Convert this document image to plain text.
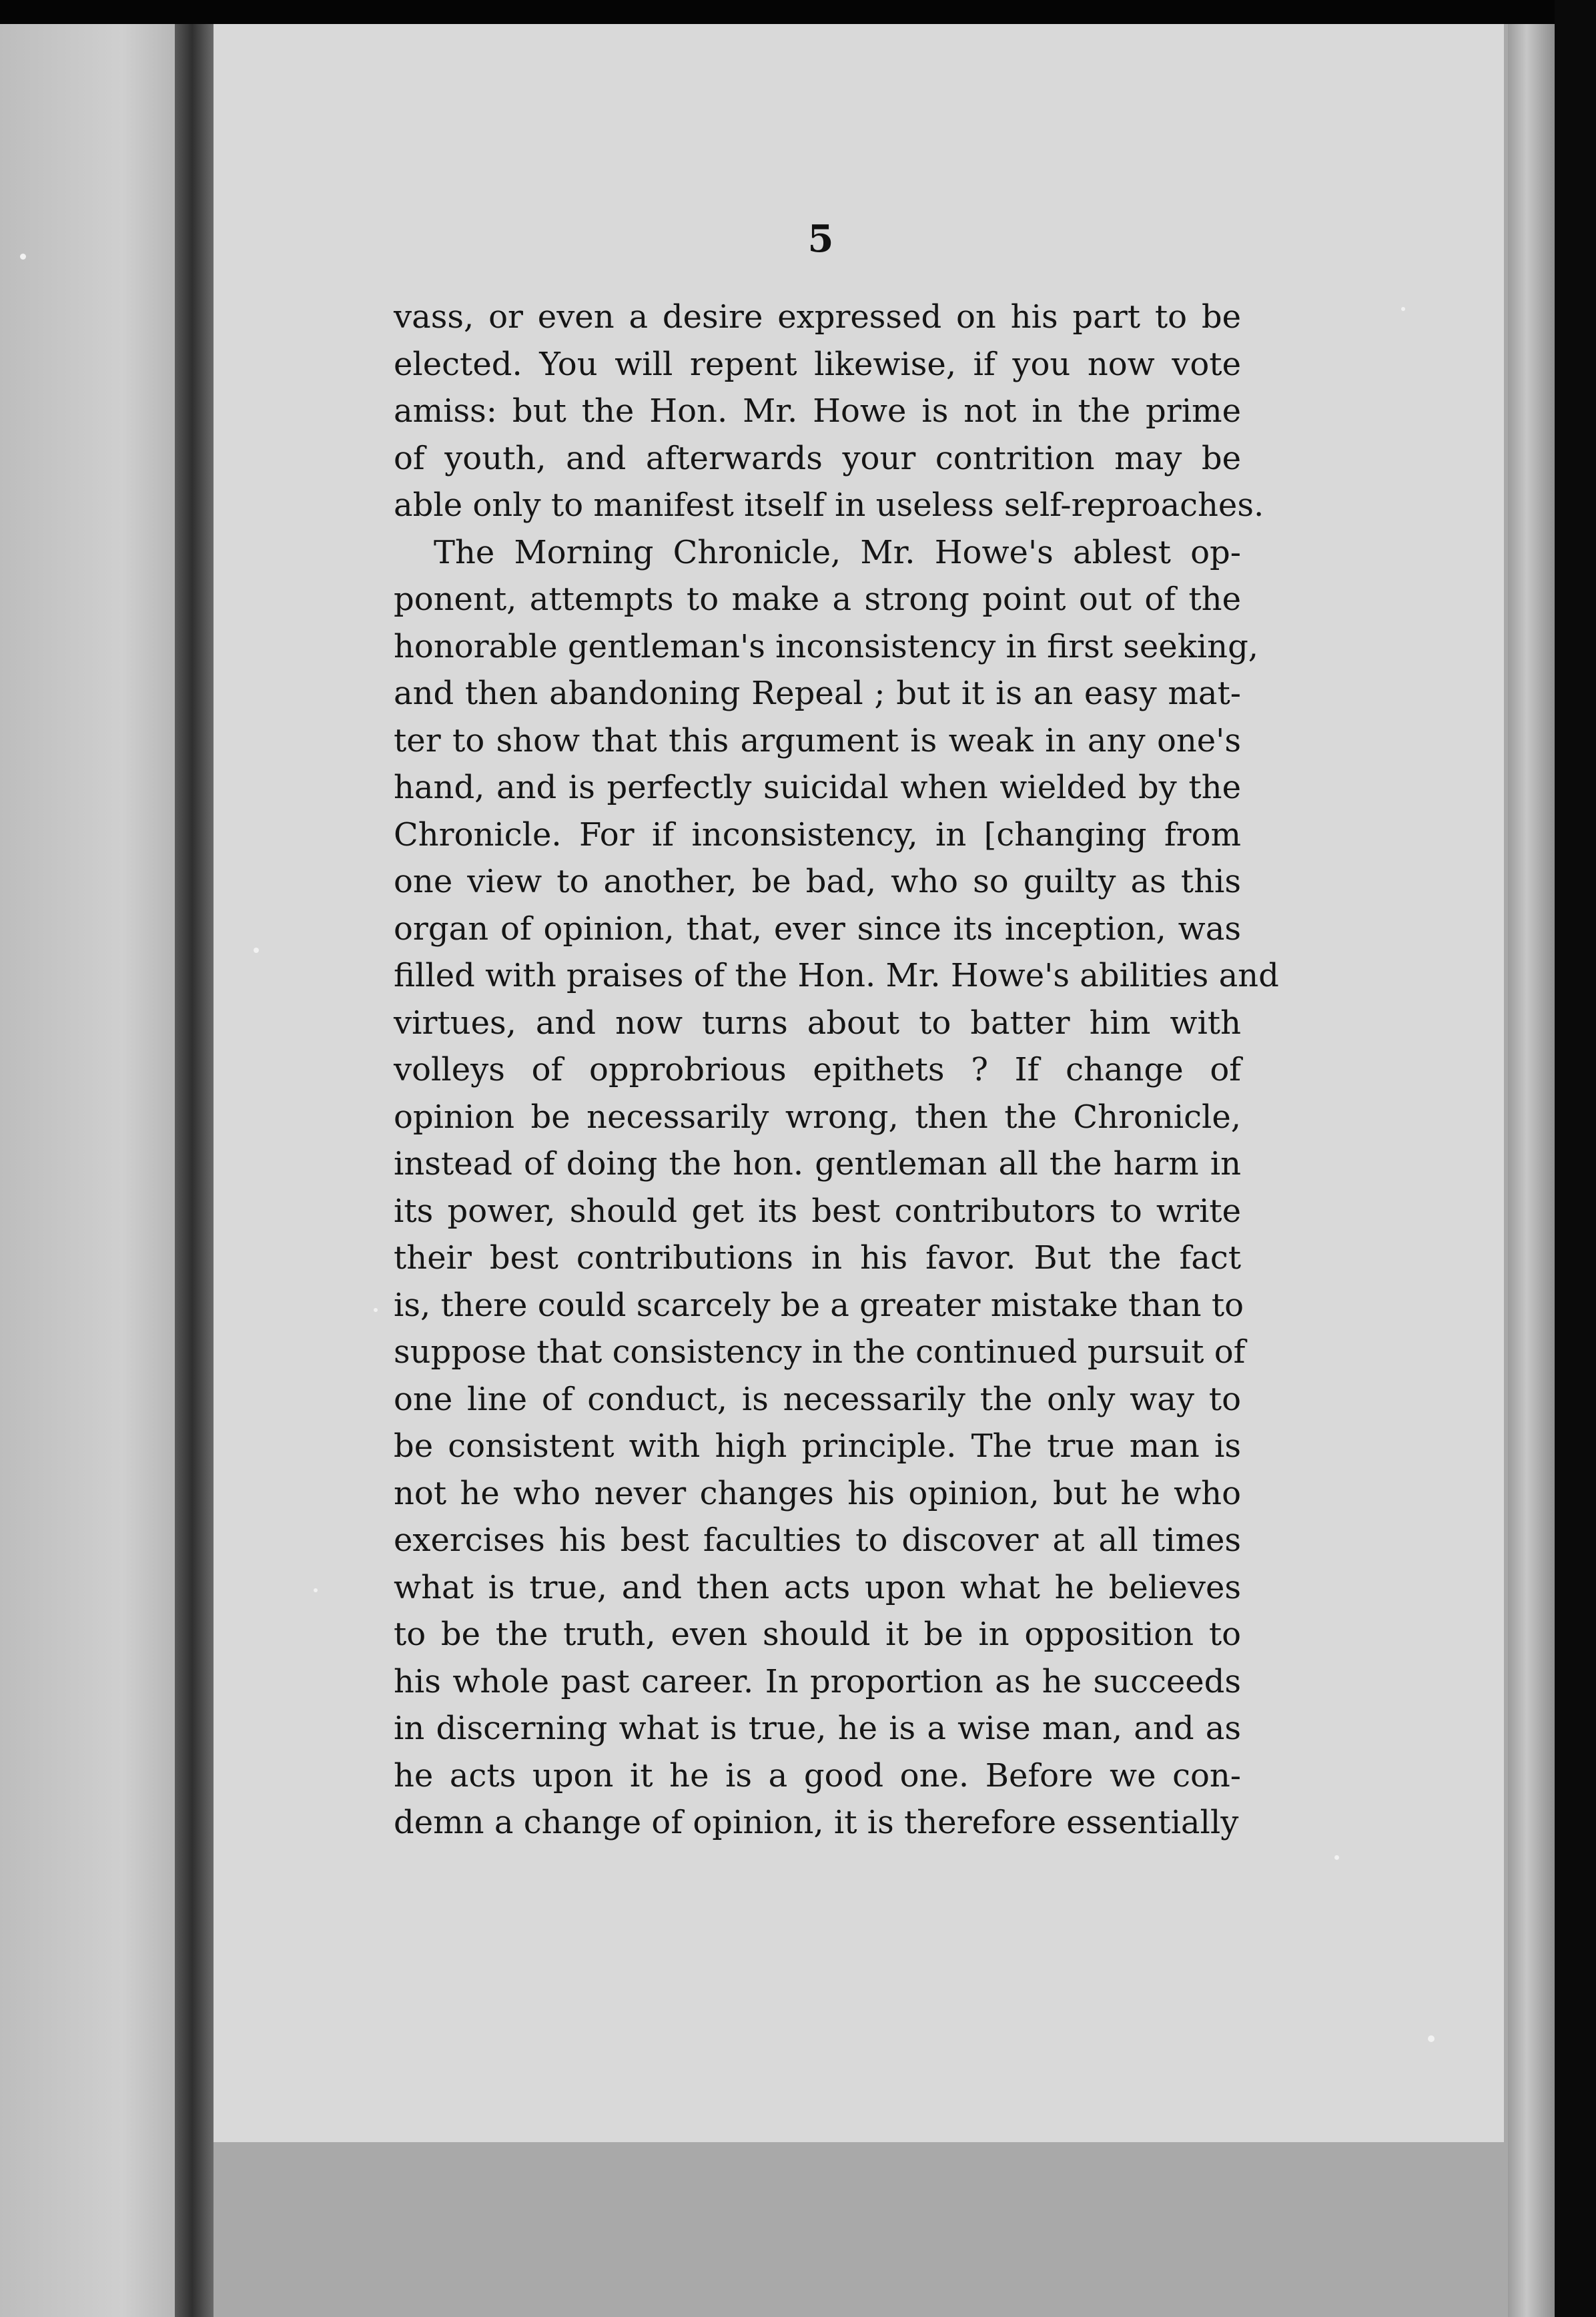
5
vass, or even a desire expressed on his part to be
elected. You will repent likewise, if you now vote
amiss: but the Hon. Mr. Howe is not in the prime
of youth, and afterwards your contrition may be
able only to manifest itself in useless self-reproaches.
The Morning Chronicle, Mr. Howe's ablest op-
ponent, attempts to make a strong point out of the
honorable gentleman's inconsistency in first seeking,
and then abandoning Repeal ; but it is an easy mat-
ter to show that this argument is weak in any one's
hand, and is perfectly suicidal when wielded by the
Chronicle. For if inconsistency, in [changing from
one view to another, be bad, who so guilty as this
organ of opinion, that, ever since its inception, was
filled with praises of the Hon. Mr. Howe's abilities and
virtues, and now turns about to batter him with
volleys of opprobrious epithets ? If change of
opinion be necessarily wrong, then the Chronicle,
instead of doing the hon. gentleman all the harm in
its power, should get its best contributors to write
their best contributions in his favor. But the fact
is, there could scarcely be a greater mistake than to
suppose that consistency in the continued pursuit of
one line of conduct, is necessarily the only way to
be consistent with high principle. The true man is
not he who never changes his opinion, but he who
exercises his best faculties to discover at all times
what is true, and then acts upon what he believes
to be the truth, even should it be in opposition to
his whole past career. In proportion as he succeeds
in discerning what is true, he is a wise man, and as
he acts upon it he is a good one. Before we con-
demn a change of opinion, it is therefore essentially
